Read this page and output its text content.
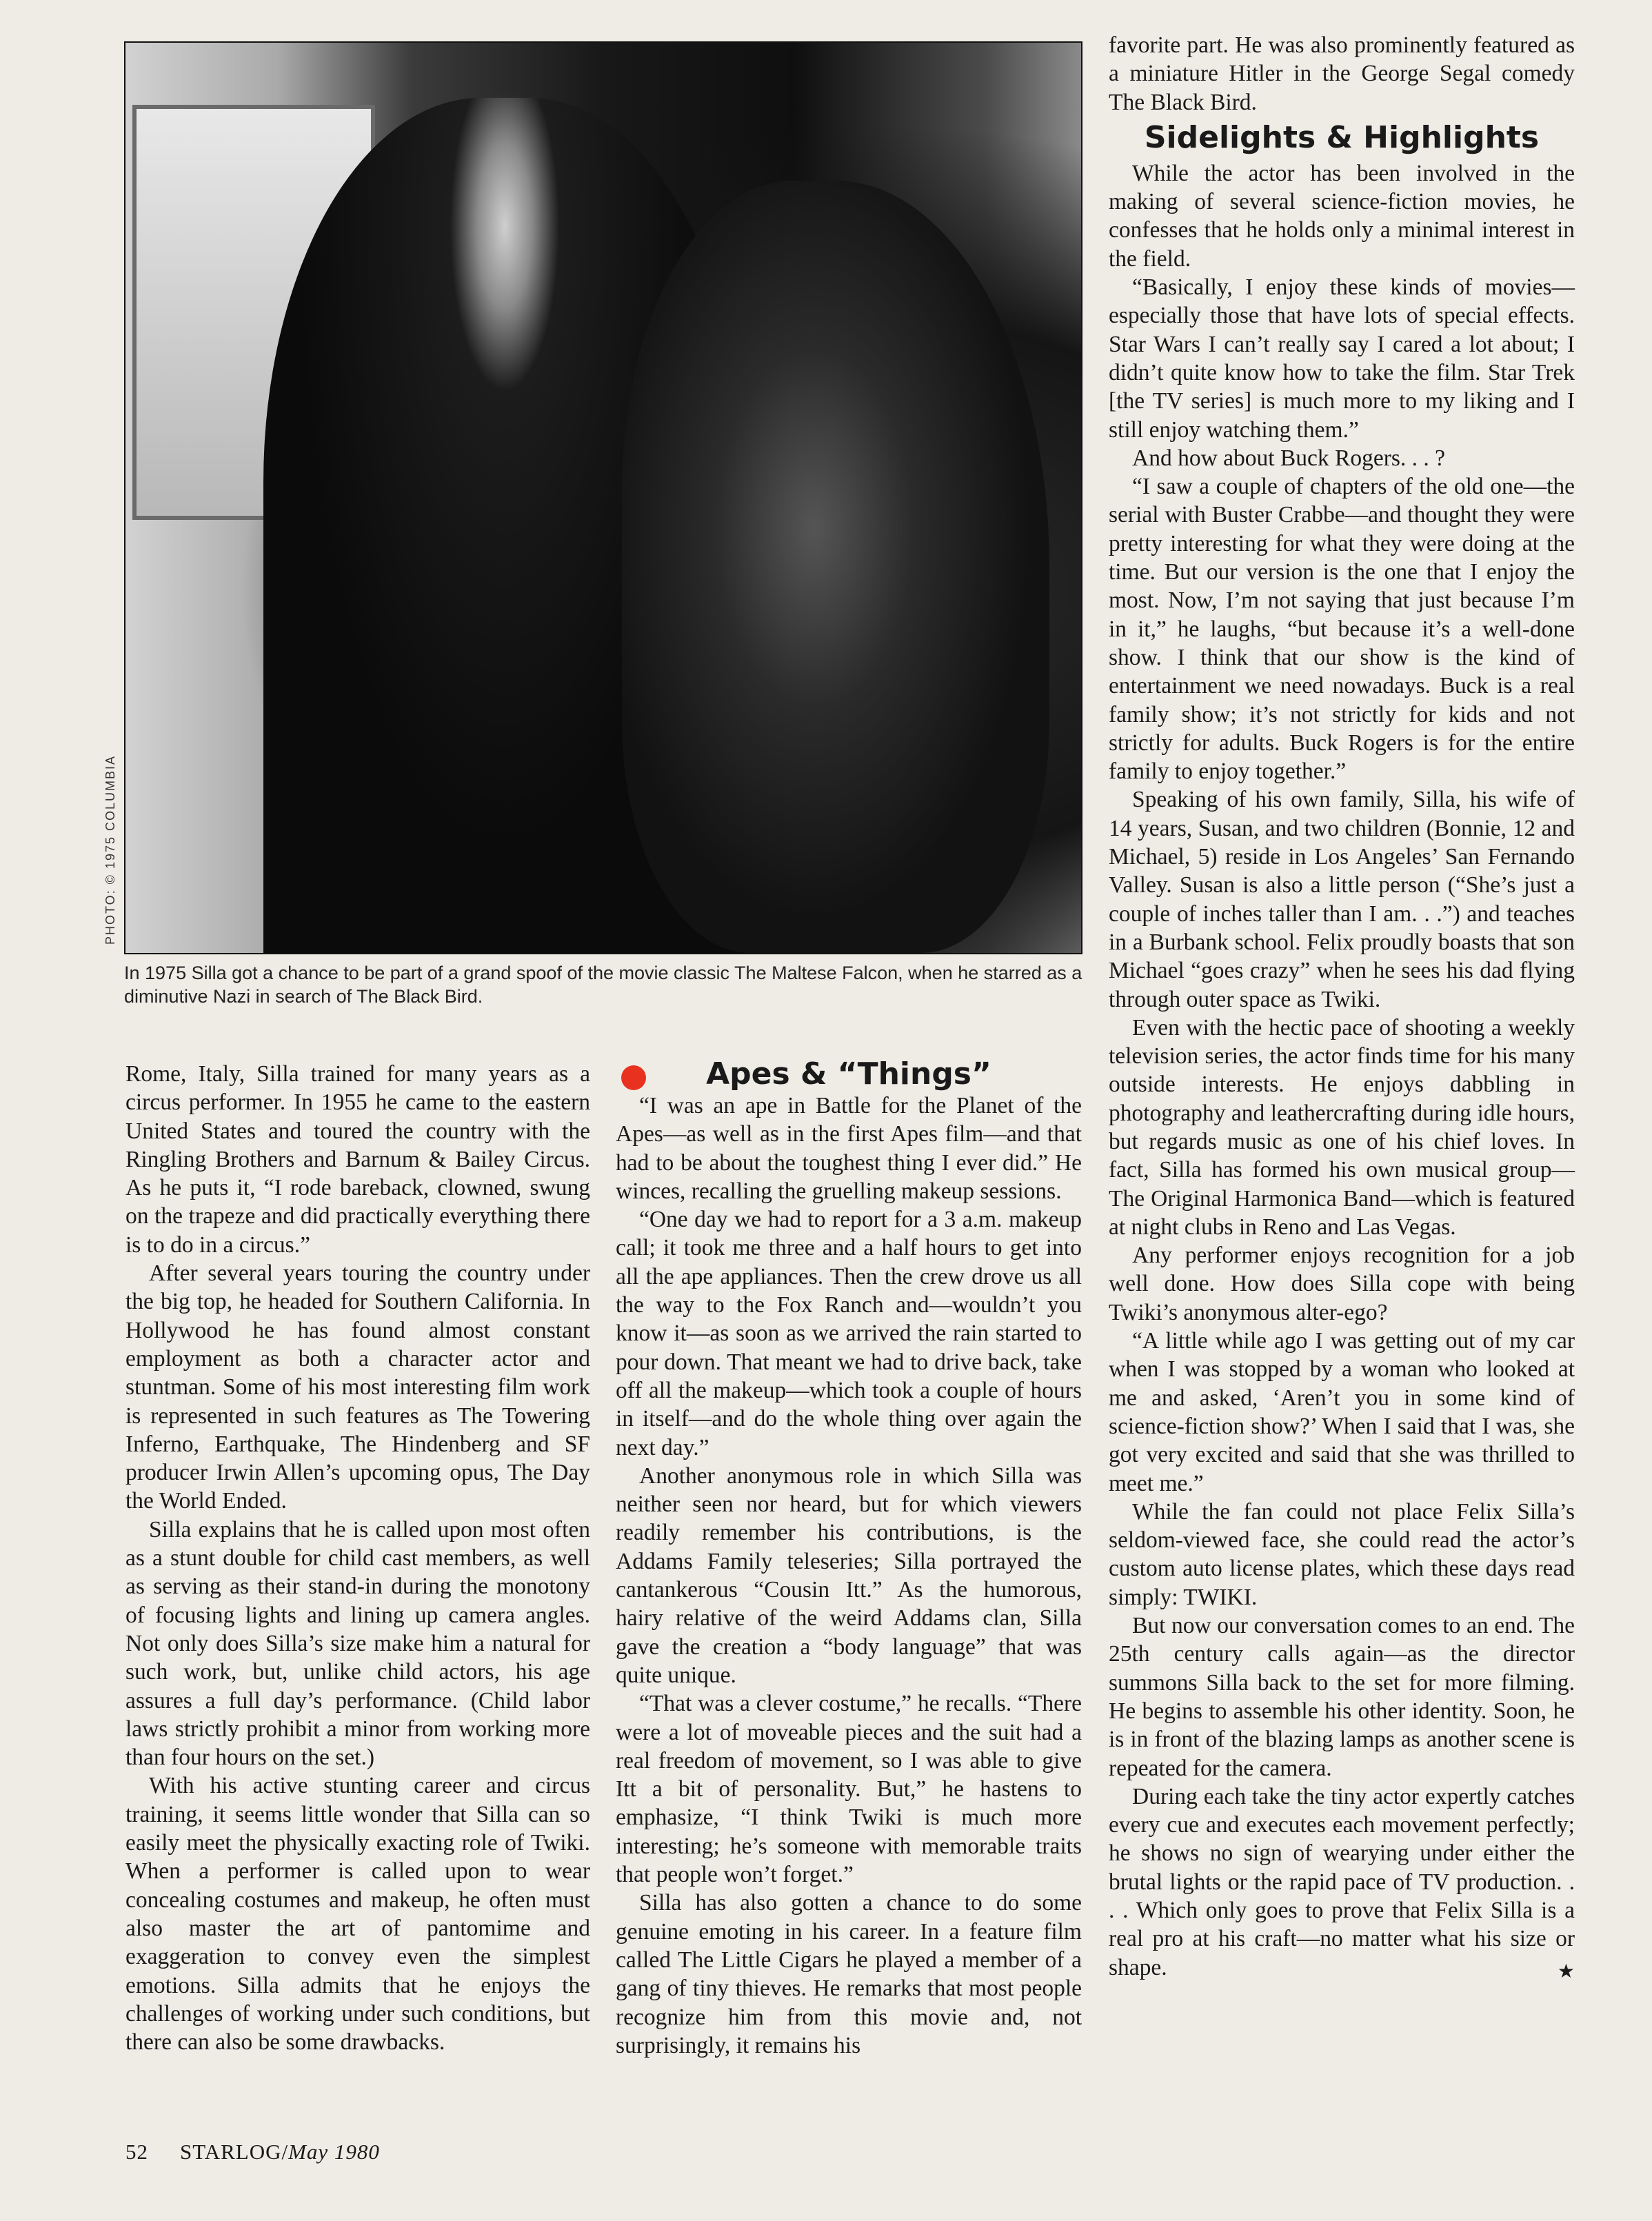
PHOTO: © 1975 COLUMBIA
In 1975 Silla got a chance to be part of a grand spoof of the movie classic The Maltese Falcon, when he starred as a diminutive Nazi in search of The Black Bird.

Rome, Italy, Silla trained for many years as a circus performer. In 1955 he came to the eastern United States and toured the country with the Ringling Brothers and Barnum & Bailey Circus. As he puts it, “I rode bareback, clowned, swung on the trapeze and did practically everything there is to do in a circus.”

After several years touring the country under the big top, he headed for Southern California. In Hollywood he has found almost constant employment as both a character actor and stuntman. Some of his most interesting film work is represented in such features as The Towering Inferno, Earthquake, The Hindenberg and SF producer Irwin Allen’s upcoming opus, The Day the World Ended.

Silla explains that he is called upon most often as a stunt double for child cast members, as well as serving as their stand-in during the monotony of focusing lights and lining up camera angles. Not only does Silla’s size make him a natural for such work, but, unlike child actors, his age assures a full day’s performance. (Child labor laws strictly prohibit a minor from working more than four hours on the set.)

With his active stunting career and circus training, it seems little wonder that Silla can so easily meet the physically exacting role of Twiki. When a performer is called upon to wear concealing costumes and makeup, he often must also master the art of pantomime and exaggeration to convey even the simplest emotions. Silla admits that he enjoys the challenges of working under such conditions, but there can also be some drawbacks.

Apes & “Things”

“I was an ape in Battle for the Planet of the Apes—as well as in the first Apes film—and that had to be about the toughest thing I ever did.” He winces, recalling the gruelling makeup sessions.

“One day we had to report for a 3 a.m. makeup call; it took me three and a half hours to get into all the ape appliances. Then the crew drove us all the way to the Fox Ranch and—wouldn’t you know it—as soon as we arrived the rain started to pour down. That meant we had to drive back, take off all the makeup—which took a couple of hours in itself—and do the whole thing over again the next day.”

Another anonymous role in which Silla was neither seen nor heard, but for which viewers readily remember his contributions, is the Addams Family teleseries; Silla portrayed the cantankerous “Cousin Itt.” As the humorous, hairy relative of the weird Addams clan, Silla gave the creation a “body language” that was quite unique.

“That was a clever costume,” he recalls. “There were a lot of moveable pieces and the suit had a real freedom of movement, so I was able to give Itt a bit of personality. But,” he hastens to emphasize, “I think Twiki is much more interesting; he’s someone with memorable traits that people won’t forget.”

Silla has also gotten a chance to do some genuine emoting in his career. In a feature film called The Little Cigars he played a member of a gang of tiny thieves. He remarks that most people recognize him from this movie and, not surprisingly, it remains his

favorite part. He was also prominently featured as a miniature Hitler in the George Segal comedy The Black Bird.

Sidelights & Highlights

While the actor has been involved in the making of several science-fiction movies, he confesses that he holds only a minimal interest in the field.

“Basically, I enjoy these kinds of movies—especially those that have lots of special effects. Star Wars I can’t really say I cared a lot about; I didn’t quite know how to take the film. Star Trek [the TV series] is much more to my liking and I still enjoy watching them.”

And how about Buck Rogers. . . ?

“I saw a couple of chapters of the old one—the serial with Buster Crabbe—and thought they were pretty interesting for what they were doing at the time. But our version is the one that I enjoy the most. Now, I’m not saying that just because I’m in it,” he laughs, “but because it’s a well-done show. I think that our show is the kind of entertainment we need nowadays. Buck is a real family show; it’s not strictly for kids and not strictly for adults. Buck Rogers is for the entire family to enjoy together.”

Speaking of his own family, Silla, his wife of 14 years, Susan, and two children (Bonnie, 12 and Michael, 5) reside in Los Angeles’ San Fernando Valley. Susan is also a little person (“She’s just a couple of inches taller than I am. . .”) and teaches in a Burbank school. Felix proudly boasts that son Michael “goes crazy” when he sees his dad flying through outer space as Twiki.

Even with the hectic pace of shooting a weekly television series, the actor finds time for his many outside interests. He enjoys dabbling in photography and leathercrafting during idle hours, but regards music as one of his chief loves. In fact, Silla has formed his own musical group—The Original Harmonica Band—which is featured at night clubs in Reno and Las Vegas.

Any performer enjoys recognition for a job well done. How does Silla cope with being Twiki’s anonymous alter-ego?

“A little while ago I was getting out of my car when I was stopped by a woman who looked at me and asked, ‘Aren’t you in some kind of science-fiction show?’ When I said that I was, she got very excited and said that she was thrilled to meet me.”

While the fan could not place Felix Silla’s seldom-viewed face, she could read the actor’s custom auto license plates, which these days read simply: TWIKI.

But now our conversation comes to an end. The 25th century calls again—as the director summons Silla back to the set for more filming. He begins to assemble his other identity. Soon, he is in front of the blazing lamps as another scene is repeated for the camera.

During each take the tiny actor expertly catches every cue and executes each movement perfectly; he shows no sign of wearying under either the brutal lights or the rapid pace of TV production. . . . Which only goes to prove that Felix Silla is a real pro at his craft—no matter what his size or shape.	★

52 STARLOG/May 1980
